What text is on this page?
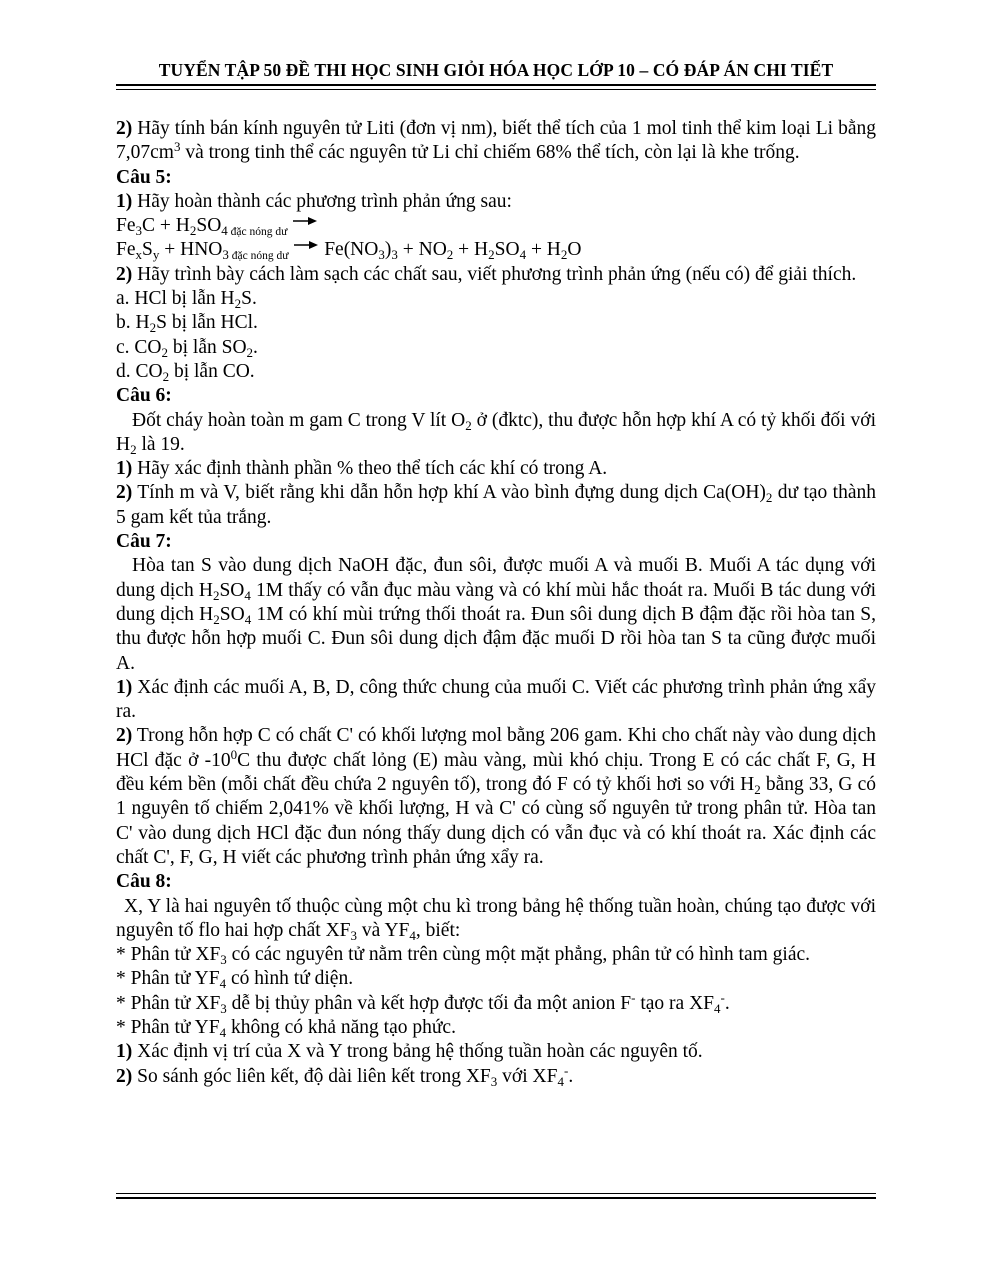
TUYỂN TẬP 50 ĐỀ THI HỌC SINH GIỎI HÓA HỌC LỚP 10 – CÓ ĐÁP ÁN CHI TIẾT

2) Hãy tính bán kính nguyên tử Liti (đơn vị nm), biết thể tích của 1 mol tinh thể kim loại Li bằng $7,07cm^3$ và trong tinh thể các nguyên tử Li chỉ chiếm 68% thể tích, còn lại là khe trống.

Câu 5:

1) Hãy hoàn thành các phương trình phản ứng sau:

$Fe_3C + H_2SO_4$ $_{đặc nóng dư}$

$Fe_xS_y + HNO_3$ $_{đặc nóng dư} \to Fe(NO_3)_3 + NO_2 + H_2SO_4 + H_2O$

2) Hãy trình bày cách làm sạch các chất sau, viết phương trình phản ứng (nếu có) để giải thích.

a. HCl bị lẫn $H_2S$.

b. $H_2S$ bị lẫn HCl.

c. $CO_2$ bị lẫn $SO_2$.

d. $CO_2$ bị lẫn CO.

Câu 6:

Đốt cháy hoàn toàn m gam C trong V lít $O_2$ ở (đktc), thu được hỗn hợp khí A có tỷ khối đối với $H_2$ là 19.

1) Hãy xác định thành phần % theo thể tích các khí có trong A.

2) Tính m và V, biết rằng khi dẫn hỗn hợp khí A vào bình đựng dung dịch $Ca(OH)_2$ dư tạo thành 5 gam kết tủa trắng.

Câu 7:

Hòa tan S vào dung dịch NaOH đặc, đun sôi, được muối A và muối B. Muối A tác dụng với dung dịch $H_2SO_4$ 1M thấy có vẫn đục màu vàng và có khí mùi hắc thoát ra. Muối B tác dung với dung dịch $H_2SO_4$ 1M có khí mùi trứng thối thoát ra. Đun sôi dung dịch B đậm đặc rồi hòa tan S, thu được hỗn hợp muối C. Đun sôi dung dịch đậm đặc muối D rồi hòa tan S ta cũng được muối A.

1) Xác định các muối A, B, D, công thức chung của muối C. Viết các phương trình phản ứng xẩy ra.

2) Trong hỗn hợp C có chất C' có khối lượng mol bằng 206 gam. Khi cho chất này vào dung dịch HCl đặc ở $-10^0C$ thu được chất lỏng (E) màu vàng, mùi khó chịu. Trong E có các chất F, G, H đều kém bền (mỗi chất đều chứa 2 nguyên tố), trong đó F có tỷ khối hơi so với $H_2$ bằng 33, G có 1 nguyên tố chiếm 2,041% về khối lượng, H và C' có cùng số nguyên tử trong phân tử. Hòa tan C' vào dung dịch HCl đặc đun nóng thấy dung dịch có vẫn đục và có khí thoát ra. Xác định các chất C', F, G, H viết các phương trình phản ứng xẩy ra.

Câu 8:

X, Y là hai nguyên tố thuộc cùng một chu kì trong bảng hệ thống tuần hoàn, chúng tạo được với nguyên tố flo hai hợp chất $XF_3$ và $YF_4$, biết:

* Phân tử $XF_3$ có các nguyên tử nằm trên cùng một mặt phẳng, phân tử có hình tam giác.

* Phân tử $YF_4$ có hình tứ diện.

* Phân tử $XF_3$ dễ bị thủy phân và kết hợp được tối đa một anion F- tạo ra $XF_4^-$.

* Phân tử $YF_4$ không có khả năng tạo phức.

1) Xác định vị trí của X và Y trong bảng hệ thống tuần hoàn các nguyên tố.

2) So sánh góc liên kết, độ dài liên kết trong $XF_3$ với $XF_4^-$.
